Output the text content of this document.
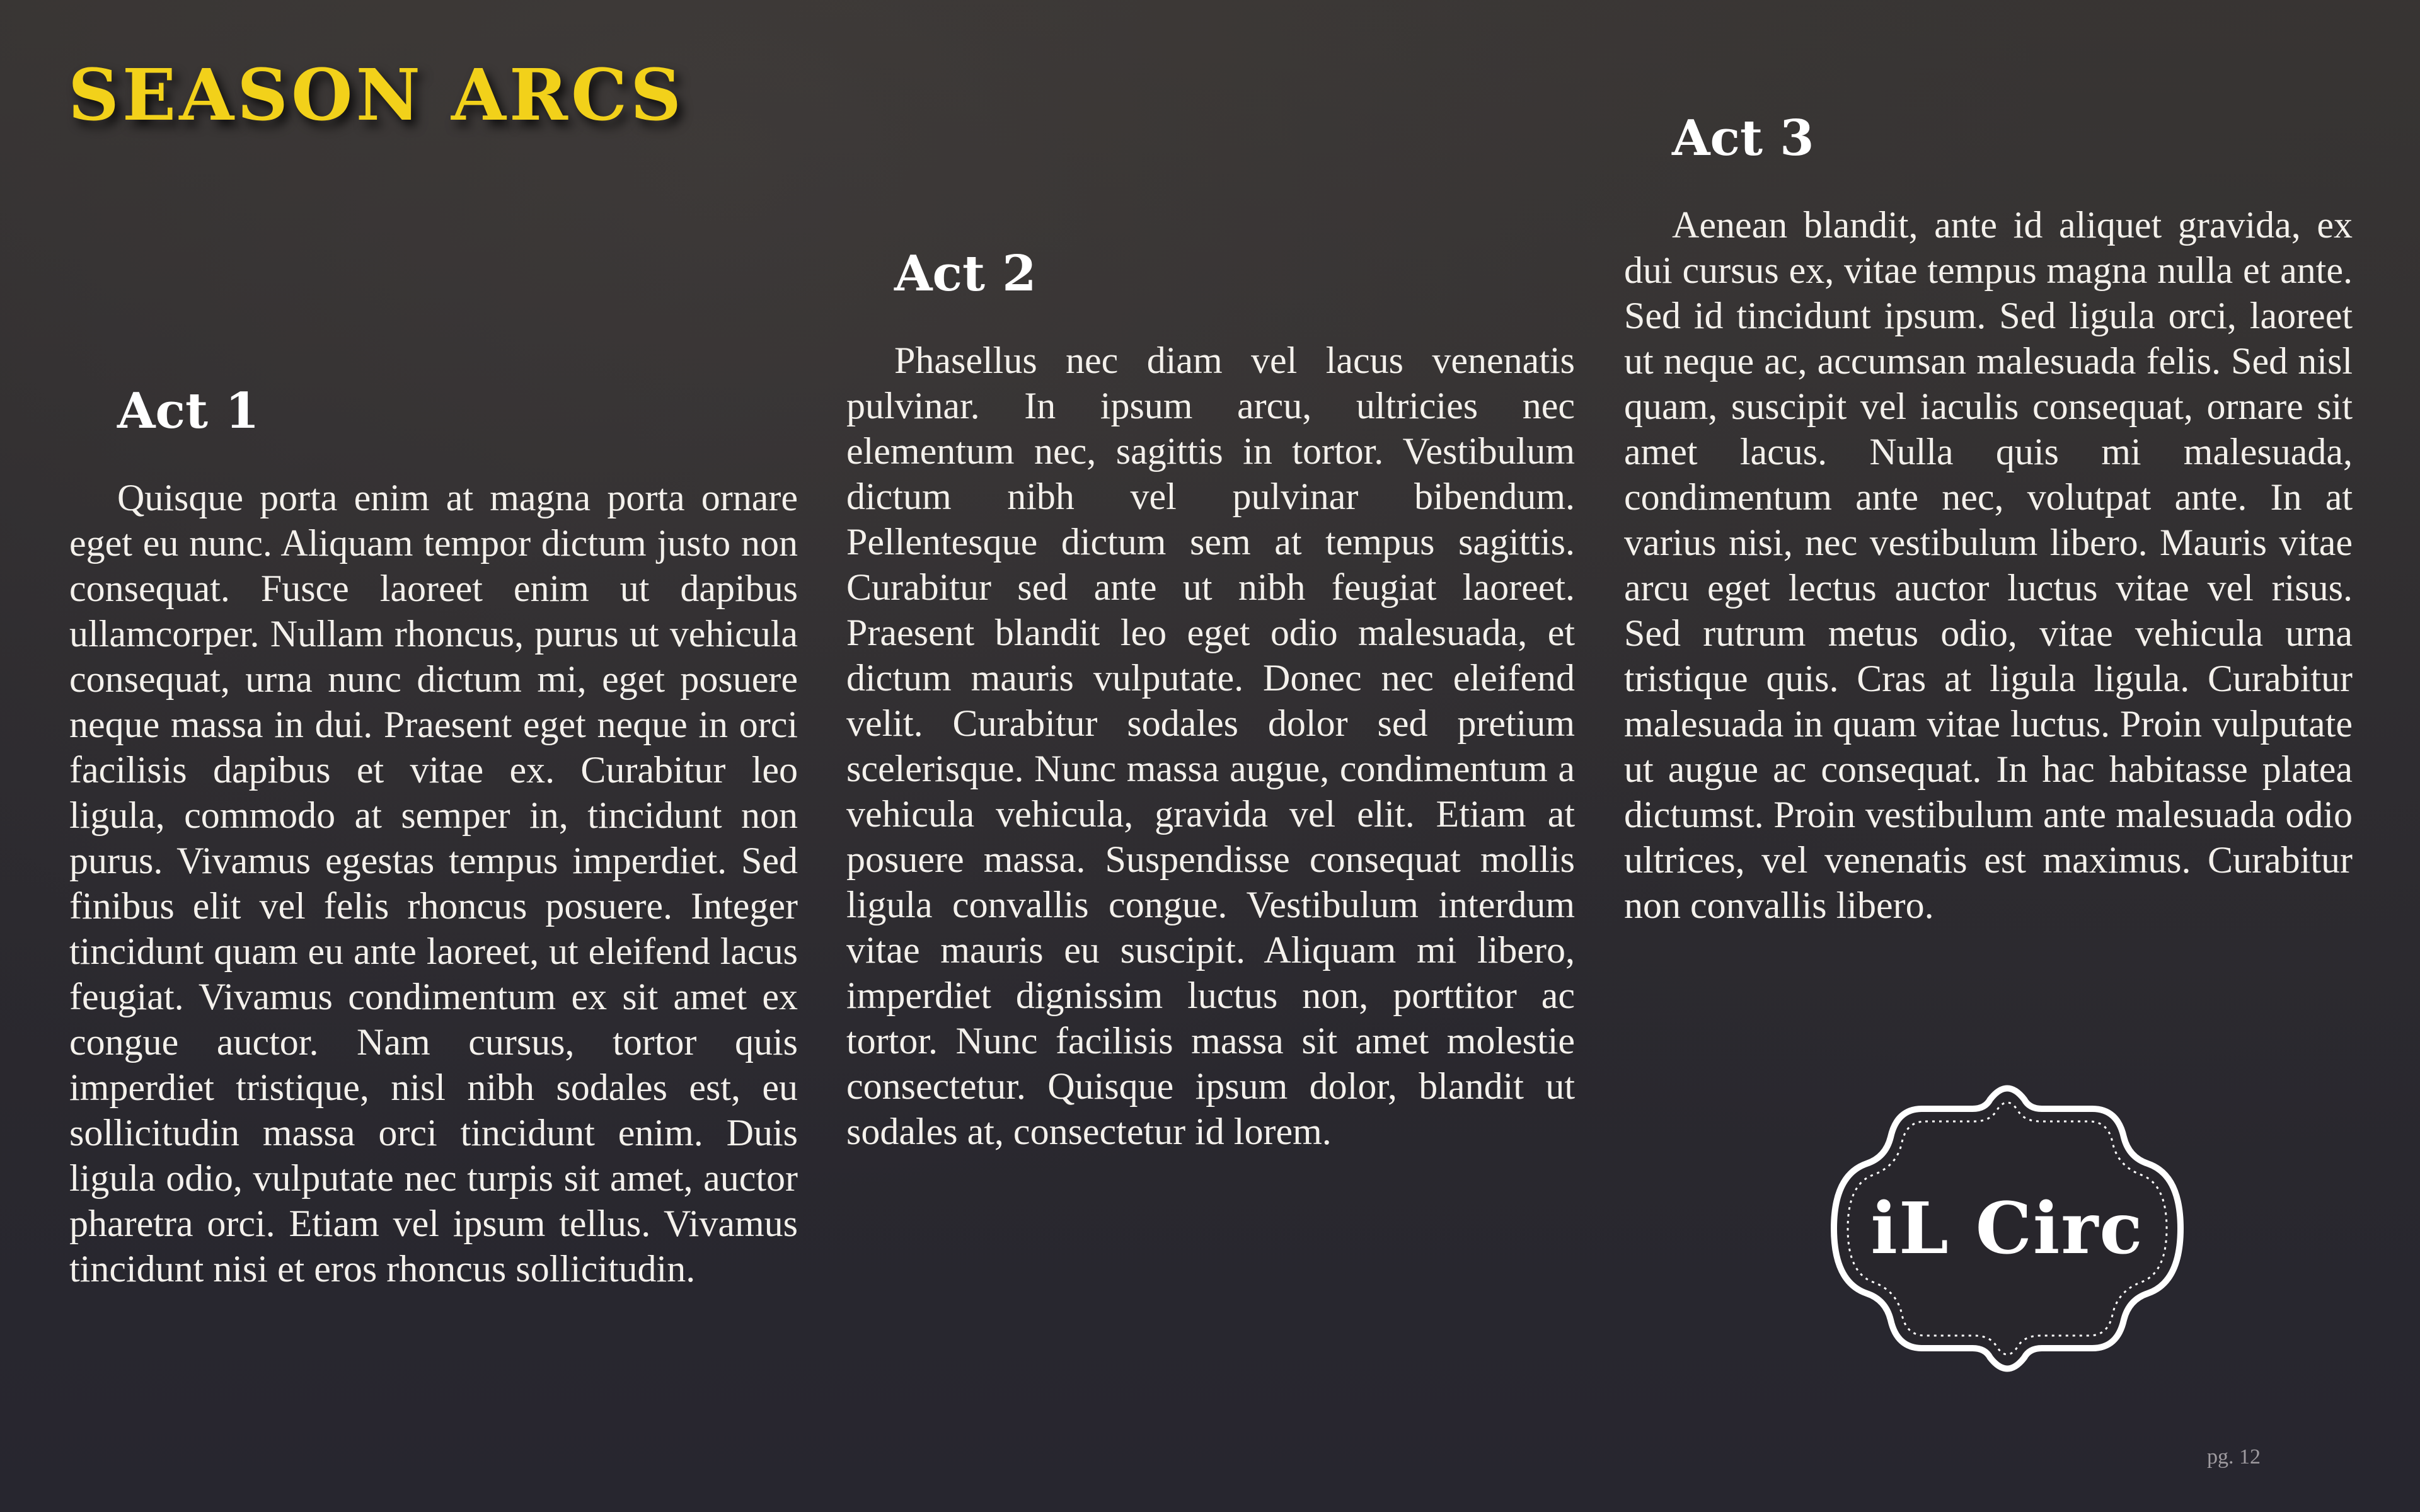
SEASON ARCS
Act 1

Quisque porta enim at magna porta ornare eget eu nunc. Aliquam tempor dictum justo non consequat. Fusce laoreet enim ut dapibus ullamcorper. Nullam rhoncus, purus ut vehicula consequat, urna nunc dictum mi, eget posuere neque massa in dui. Praesent eget neque in orci facilisis dapibus et vitae ex. Curabitur leo ligula, commodo at semper in, tincidunt non purus. Vivamus egestas tempus imperdiet. Sed finibus elit vel felis rhoncus posuere. Integer tincidunt quam eu ante laoreet, ut eleifend lacus feugiat. Vivamus condimentum ex sit amet ex congue auctor. Nam cursus, tortor quis imperdiet tristique, nisl nibh sodales est, eu sollicitudin massa orci tincidunt enim. Duis ligula odio, vulputate nec turpis sit amet, auctor pharetra orci. Etiam vel ipsum tellus. Vivamus tincidunt nisi et eros rhoncus sollicitudin.

Act 2

Phasellus nec diam vel lacus venenatis pulvinar. In ipsum arcu, ultricies nec elementum nec, sagittis in tortor. Vestibulum dictum nibh vel pulvinar bibendum. Pellentesque dictum sem at tempus sagittis. Curabitur sed ante ut nibh feugiat laoreet. Praesent blandit leo eget odio malesuada, et dictum mauris vulputate. Donec nec eleifend velit. Curabitur sodales dolor sed pretium scelerisque. Nunc massa augue, condimentum a vehicula vehicula, gravida vel elit. Etiam at posuere massa. Suspendisse consequat mollis ligula convallis congue. Vestibulum interdum vitae mauris eu suscipit. Aliquam mi libero, imperdiet dignissim luctus non, porttitor ac tortor. Nunc facilisis massa sit amet molestie consectetur. Quisque ipsum dolor, blandit ut sodales at, consectetur id lorem.

Act 3

Aenean blandit, ante id aliquet gravida, ex dui cursus ex, vitae tempus magna nulla et ante. Sed id tincidunt ipsum. Sed ligula orci, laoreet ut neque ac, accumsan malesuada felis. Sed nisl quam, suscipit vel iaculis consequat, ornare sit amet lacus. Nulla quis mi malesuada, condimentum ante nec, volutpat ante. In at varius nisi, nec vestibulum libero. Mauris vitae arcu eget lectus auctor luctus vitae vel risus. Sed rutrum metus odio, vitae vehicula urna tristique quis. Cras at ligula ligula. Curabitur malesuada in quam vitae luctus. Proin vulputate ut augue ac consequat. In hac habitasse platea dictumst. Proin vestibulum ante malesuada odio ultrices, vel venenatis est maximus. Curabitur non convallis libero.

iL Circ
pg. 12
